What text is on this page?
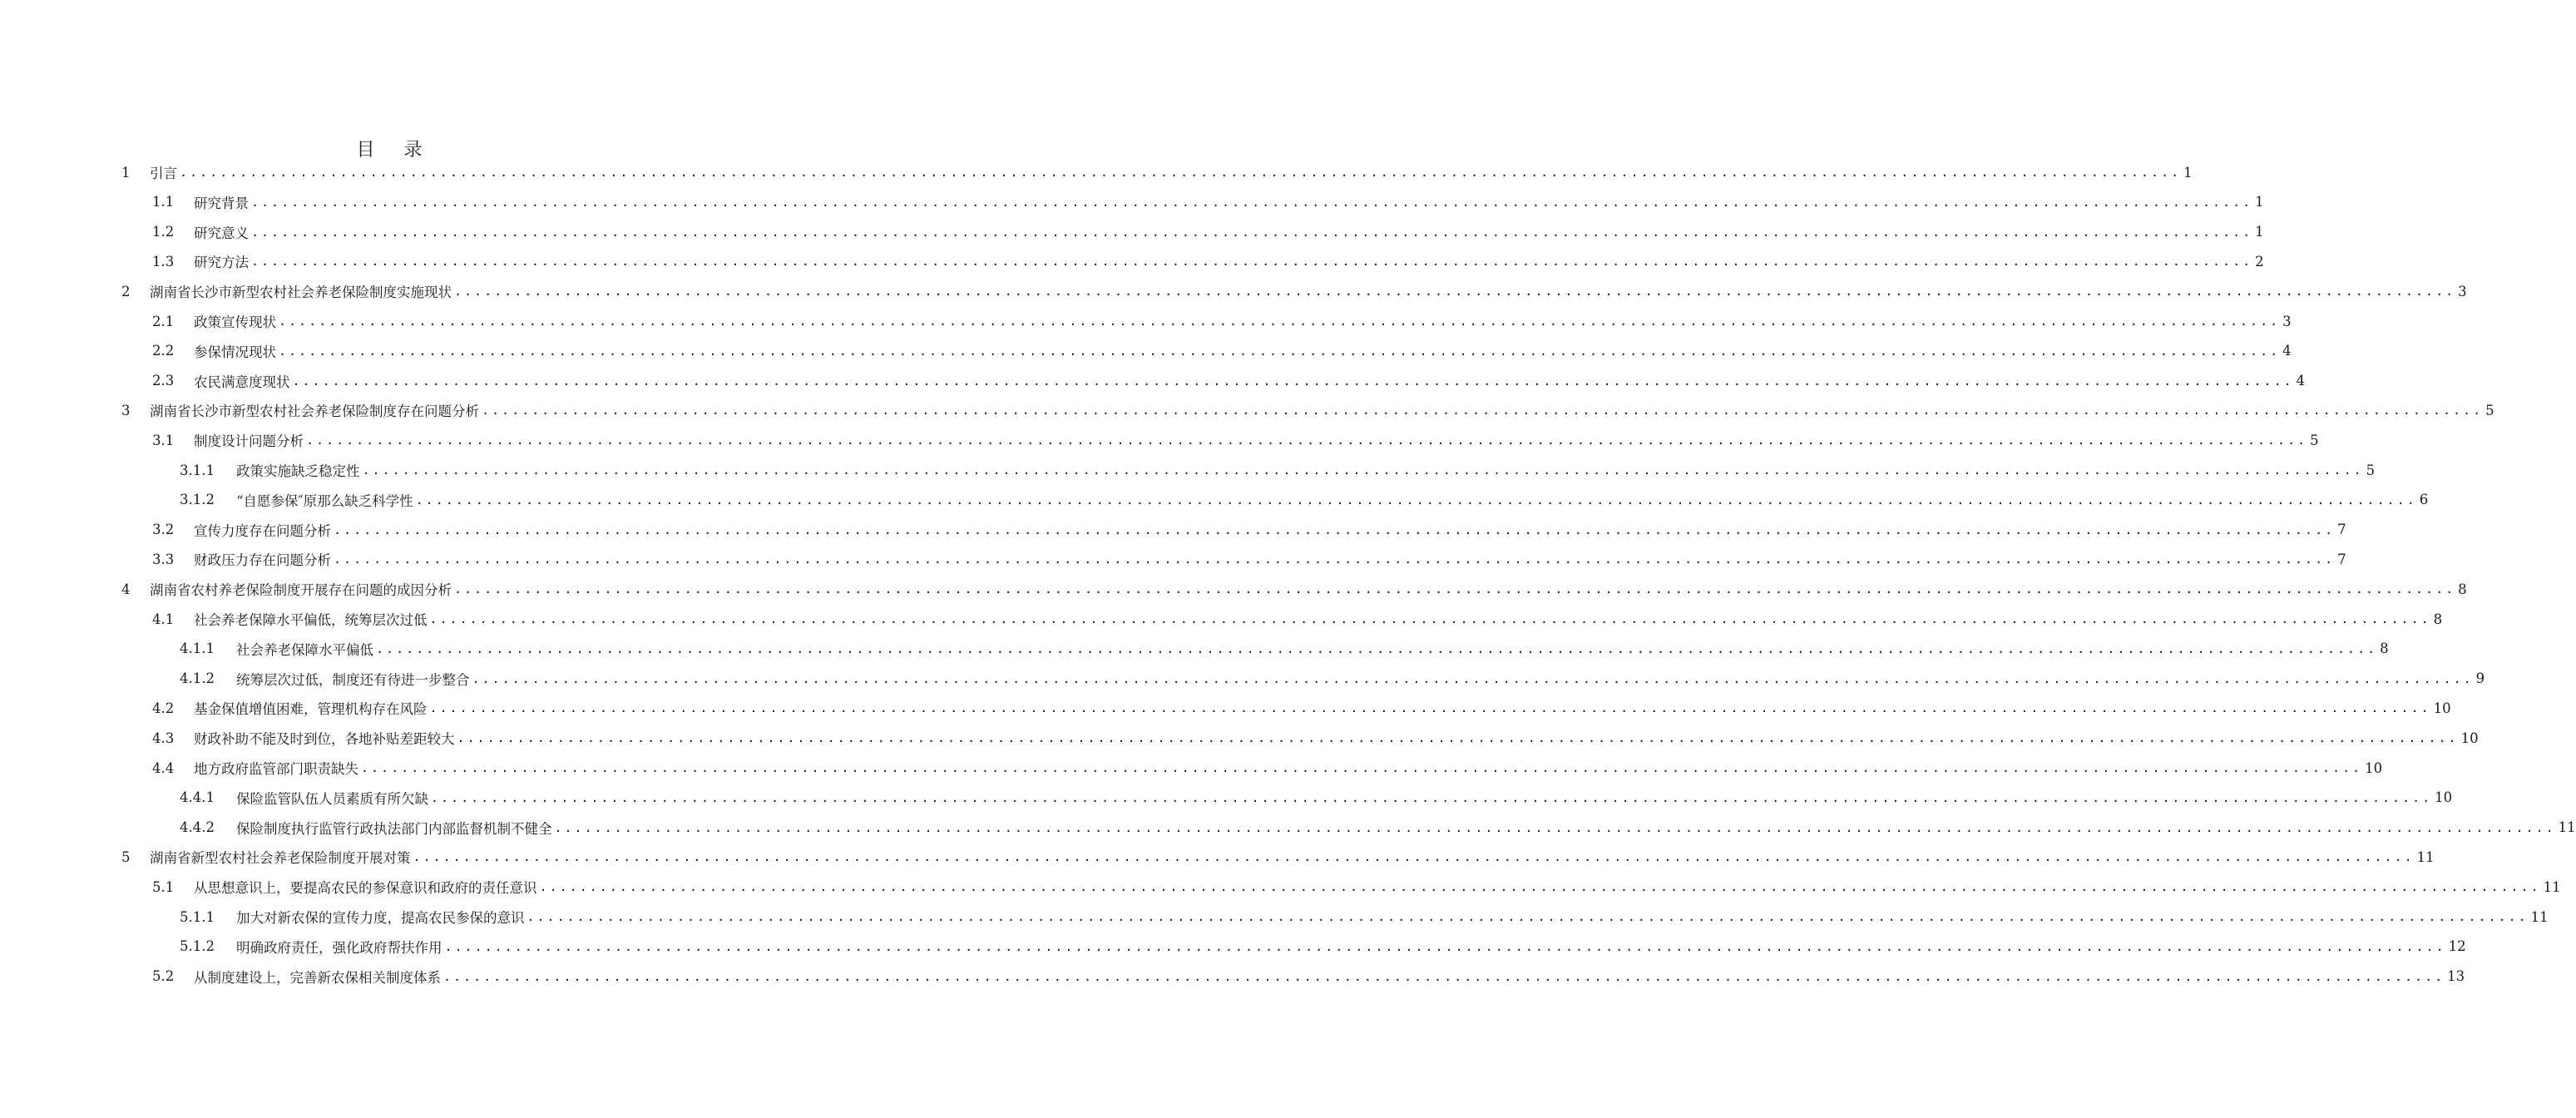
目 录
1	引言 ........................................................................................................................................................................................................ 1
1.1	研究背景 ........................................................................................................................................................................................................ 1
1.2	研究意义 ........................................................................................................................................................................................................ 1
1.3	研究方法 ........................................................................................................................................................................................................ 2
2	湖南省长沙市新型农村社会养老保险制度实施现状 ........................................................................................................................................................................................................ 3
2.1	政策宣传现状 ........................................................................................................................................................................................................ 3
2.2	参保情况现状 ........................................................................................................................................................................................................ 4
2.3	农民满意度现状 ........................................................................................................................................................................................................ 4
3	湖南省长沙市新型农村社会养老保险制度存在问题分析 ........................................................................................................................................................................................................ 5
3.1	制度设计问题分析 ........................................................................................................................................................................................................ 5
3.1.1	政策实施缺乏稳定性 ........................................................................................................................................................................................................ 5
3.1.2	“自愿参保″原那么缺乏科学性 ........................................................................................................................................................................................................ 6
3.2	宣传力度存在问题分析 ........................................................................................................................................................................................................ 7
3.3	财政压力存在问题分析 ........................................................................................................................................................................................................ 7
4	湖南省农村养老保险制度开展存在问题的成因分析 ........................................................................................................................................................................................................ 8
4.1	社会养老保障水平偏低，统筹层次过低 ........................................................................................................................................................................................................ 8
4.1.1	社会养老保障水平偏低 ........................................................................................................................................................................................................ 8
4.1.2	统筹层次过低，制度还有待进一步整合 ........................................................................................................................................................................................................ 9
4.2	基金保值增值困难，管理机构存在风险 ........................................................................................................................................................................................................ 10
4.3	财政补助不能及时到位，各地补贴差距较大 ........................................................................................................................................................................................................ 10
4.4	地方政府监管部门职责缺失 ........................................................................................................................................................................................................ 10
4.4.1	保险监管队伍人员素质有所欠缺 ........................................................................................................................................................................................................ 10
4.4.2	保险制度执行监管行政执法部门内部监督机制不健全 ........................................................................................................................................................................................................ 11
5	湖南省新型农村社会养老保险制度开展对策 ........................................................................................................................................................................................................ 11
5.1	从思想意识上，要提高农民的参保意识和政府的责任意识 ........................................................................................................................................................................................................ 11
5.1.1	加大对新农保的宣传力度，提高农民参保的意识 ........................................................................................................................................................................................................ 11
5.1.2	明确政府责任，强化政府帮扶作用 ........................................................................................................................................................................................................ 12
5.2	从制度建设上，完善新农保相关制度体系 ........................................................................................................................................................................................................ 13
